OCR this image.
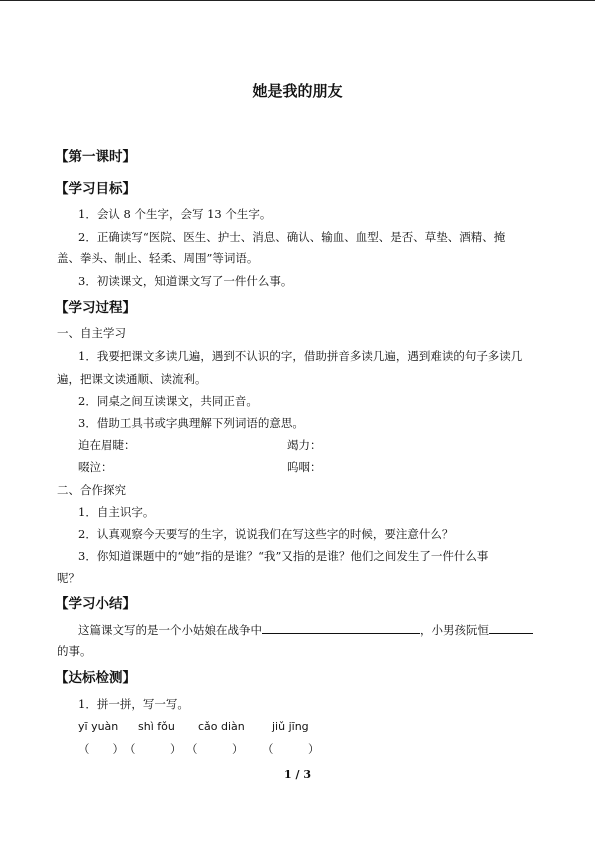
她是我的朋友
【第一课时】
【学习目标】
1．会认 8 个生字，会写 13 个生字。
2．正确读写“医院、医生、护士、消息、确认、输血、血型、是否、草垫、酒精、掩
盖、拳头、制止、轻柔、周围”等词语。
3．初读课文，知道课文写了一件什么事。
【学习过程】
一、自主学习
1．我要把课文多读几遍，遇到不认识的字，借助拼音多读几遍，遇到难读的句子多读几
遍，把课文读通顺、读流利。
2．同桌之间互读课文，共同正音。
3．借助工具书或字典理解下列词语的意思。
迫在眉睫：	竭力：
啜泣：	呜咽：
二、合作探究
1．自主识字。
2．认真观察今天要写的生字，说说我们在写这些字的时候，要注意什么？
3．你知道课题中的“她”指的是谁？“我”又指的是谁？他们之间发生了一件什么事
呢？
【学习小结】
这篇课文写的是一个小姑娘在战争中	，小男孩阮恒
的事。
【达标检测】
1．拼一拼，写一写。
yī yuàn shì fǒu cǎo diàn jiǔ jīng
（　　） （　　　） （　　　） （　　　）
1 / 3
